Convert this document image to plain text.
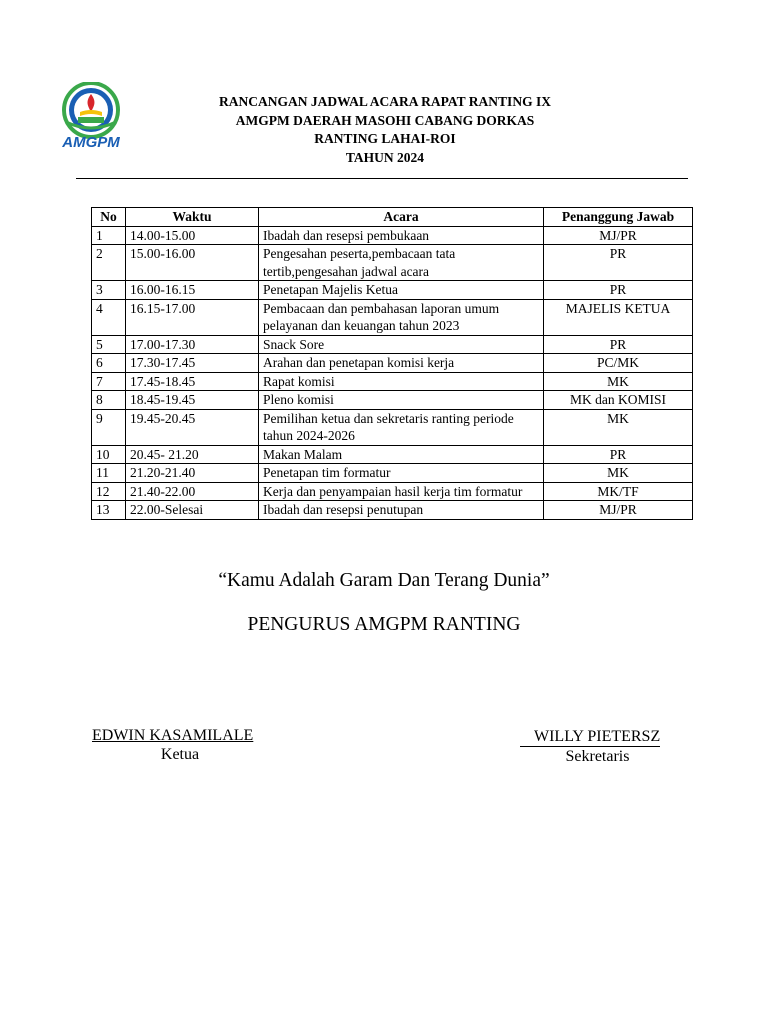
AMGPM
RANCANGAN JADWAL ACARA RAPAT RANTING IX
AMGPM DAERAH MASOHI CABANG DORKAS
RANTING LAHAI-ROI
TAHUN 2024
No	Waktu	Acara	Penanggung Jawab
1	14.00-15.00	Ibadah dan resepsi pembukaan	MJ/PR
2	15.00-16.00	Pengesahan peserta,pembacaan tata tertib,pengesahan jadwal acara	PR
3	16.00-16.15	Penetapan Majelis Ketua	PR
4	16.15-17.00	Pembacaan dan pembahasan laporan umum pelayanan dan keuangan tahun 2023	MAJELIS KETUA
5	17.00-17.30	Snack Sore	PR
6	17.30-17.45	Arahan dan penetapan komisi kerja	PC/MK
7	17.45-18.45	Rapat komisi	MK
8	18.45-19.45	Pleno komisi	MK dan KOMISI
9	19.45-20.45	Pemilihan ketua dan sekretaris ranting periode tahun 2024-2026	MK
10	20.45- 21.20	Makan Malam	PR
11	21.20-21.40	Penetapan tim formatur	MK
12	21.40-22.00	Kerja dan penyampaian hasil kerja tim formatur	MK/TF
13	22.00-Selesai	Ibadah dan resepsi penutupan	MJ/PR
“Kamu Adalah Garam Dan Terang Dunia”
PENGURUS AMGPM RANTING
EDWIN KASAMILALE
Ketua
WILLY PIETERSZ
Sekretaris
